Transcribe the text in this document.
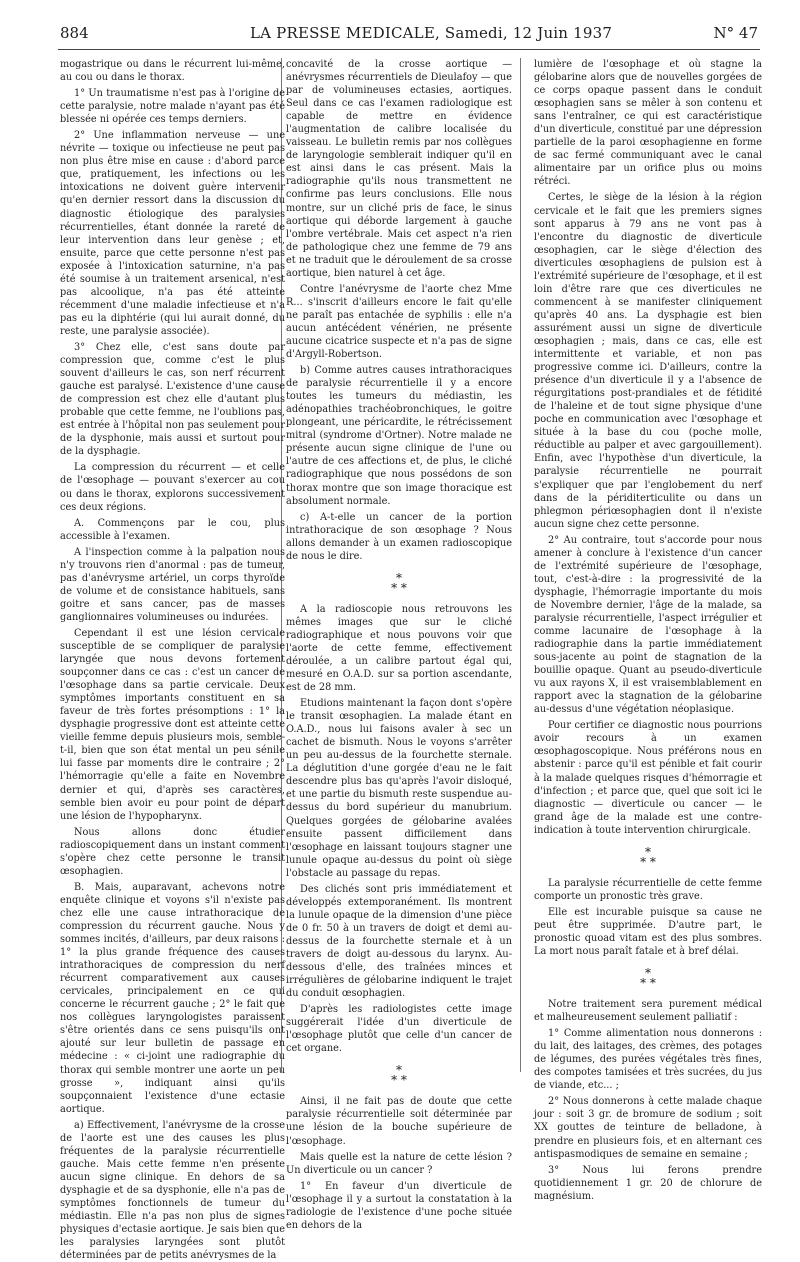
884	LA PRESSE MEDICALE, Samedi, 12 Juin 1937	N° 47

mogastrique ou dans le récurrent lui-même, au cou ou dans le thorax.

1° Un traumatisme n'est pas à l'origine de cette paralysie, notre malade n'ayant pas été blessée ni opérée ces temps derniers.

2° Une inflammation nerveuse — une névrite — toxique ou infectieuse ne peut pas non plus être mise en cause : d'abord parce que, pratiquement, les infections ou les intoxications ne doivent guère intervenir qu'en dernier ressort dans la discussion du diagnostic étiologique des paralysies récurrentielles, étant donnée la rareté de leur intervention dans leur genèse ; et, ensuite, parce que cette personne n'est pas exposée à l'intoxication saturnine, n'a pas été soumise à un traitement arsenical, n'est pas alcoolique, n'a pas été atteinte récemment d'une maladie infectieuse et n'a pas eu la diphtérie (qui lui aurait donné, du reste, une paralysie associée).

3° Chez elle, c'est sans doute par compression que, comme c'est le plus souvent d'ailleurs le cas, son nerf récurrent gauche est paralysé. L'existence d'une cause de compression est chez elle d'autant plus probable que cette femme, ne l'oublions pas, est entrée à l'hôpital non pas seulement pour de la dysphonie, mais aussi et surtout pour de la dysphagie.

La compression du récurrent — et celle de l'œsophage — pouvant s'exercer au cou ou dans le thorax, explorons successivement ces deux régions.

A. Commençons par le cou, plus accessible à l'examen.

A l'inspection comme à la palpation nous n'y trouvons rien d'anormal : pas de tumeur, pas d'anévrysme artériel, un corps thyroïde de volume et de consistance habituels, sans goitre et sans cancer, pas de masses ganglionnaires volumineuses ou indurées.

Cependant il est une lésion cervicale susceptible de se compliquer de paralysie laryngée que nous devons fortement soupçonner dans ce cas : c'est un cancer de l'œsophage dans sa partie cervicale. Deux symptômes importants constituent en sa faveur de très fortes présomptions : 1° la dysphagie progressive dont est atteinte cette vieille femme depuis plusieurs mois, semble-t-il, bien que son état mental un peu sénile lui fasse par moments dire le contraire ; 2° l'hémorragie qu'elle a faite en Novembre dernier et qui, d'après ses caractères, semble bien avoir eu pour point de départ une lésion de l'hypopharynx.

Nous allons donc étudier radioscopiquement dans un instant comment s'opère chez cette personne le transit œsophagien.

B. Mais, auparavant, achevons notre enquête clinique et voyons s'il n'existe pas chez elle une cause intrathoracique de compression du récurrent gauche. Nous y sommes incités, d'ailleurs, par deux raisons : 1° la plus grande fréquence des causes intrathoraciques de compression du nerf récurrent comparativement aux causes cervicales, principalement en ce qui concerne le récurrent gauche ; 2° le fait que nos collègues laryngologistes paraissent s'être orientés dans ce sens puisqu'ils ont ajouté sur leur bulletin de passage en médecine : « ci-joint une radiographie du thorax qui semble montrer une aorte un peu grosse », indiquant ainsi qu'ils soupçonnaient l'existence d'une ectasie aortique.

a) Effectivement, l'anévrysme de la crosse de l'aorte est une des causes les plus fréquentes de la paralysie récurrentielle gauche. Mais cette femme n'en présente aucun signe clinique. En dehors de sa dysphagie et de sa dysphonie, elle n'a pas de symptômes fonctionnels de tumeur du médiastin. Elle n'a pas non plus de signes physiques d'ectasie aortique. Je sais bien que les paralysies laryngées sont plutôt déterminées par de petits anévrysmes de la

concavité de la crosse aortique — anévrysmes récurrentiels de Dieulafoy — que par de volumineuses ectasies, aortiques. Seul dans ce cas l'examen radiologique est capable de mettre en évidence l'augmentation de calibre localisée du vaisseau. Le bulletin remis par nos collègues de laryngologie semblerait indiquer qu'il en est ainsi dans le cas présent. Mais la radiographie qu'ils nous transmettent ne confirme pas leurs conclusions. Elle nous montre, sur un cliché pris de face, le sinus aortique qui déborde largement à gauche l'ombre vertébrale. Mais cet aspect n'a rien de pathologique chez une femme de 79 ans et ne traduit que le déroulement de sa crosse aortique, bien naturel à cet âge.

Contre l'anévrysme de l'aorte chez Mme R... s'inscrit d'ailleurs encore le fait qu'elle ne paraît pas entachée de syphilis : elle n'a aucun antécédent vénérien, ne présente aucune cicatrice suspecte et n'a pas de signe d'Argyll-Robertson.

b) Comme autres causes intrathoraciques de paralysie récurrentielle il y a encore toutes les tumeurs du médiastin, les adénopathies trachéobronchiques, le goitre plongeant, une péricardite, le rétrécissement mitral (syndrome d'Ortner). Notre malade ne présente aucun signe clinique de l'une ou l'autre de ces affections et, de plus, le cliché radiographique que nous possédons de son thorax montre que son image thoracique est absolument normale.

c) A-t-elle un cancer de la portion intrathoracique de son œsophage ? Nous allons demander à un examen radioscopique de nous le dire.

*
* *

A la radioscopie nous retrouvons les mêmes images que sur le cliché radiographique et nous pouvons voir que l'aorte de cette femme, effectivement déroulée, a un calibre partout égal qui, mesuré en O.A.D. sur sa portion ascendante, est de 28 mm.

Etudions maintenant la façon dont s'opère le transit œsophagien. La malade étant en O.A.D., nous lui faisons avaler à sec un cachet de bismuth. Nous le voyons s'arrêter un peu au-dessus de la fourchette sternale. La déglutition d'une gorgée d'eau ne le fait descendre plus bas qu'après l'avoir disloqué, et une partie du bismuth reste suspendue au-dessus du bord supérieur du manubrium. Quelques gorgées de gélobarine avalées ensuite passent difficilement dans l'œsophage en laissant toujours stagner une lunule opaque au-dessus du point où siège l'obstacle au passage du repas.

Des clichés sont pris immédiatement et développés extemporanément. Ils montrent la lunule opaque de la dimension d'une pièce de 0 fr. 50 à un travers de doigt et demi au-dessus de la fourchette sternale et à un travers de doigt au-dessous du larynx. Au-dessous d'elle, des traînées minces et irrégulières de gélobarine indiquent le trajet du conduit œsophagien.

D'après les radiologistes cette image suggérerait l'idée d'un diverticule de l'œsophage plutôt que celle d'un cancer de cet organe.

*
* *

Ainsi, il ne fait pas de doute que cette paralysie récurrentielle soit déterminée par une lésion de la bouche supérieure de l'œsophage.

Mais quelle est la nature de cette lésion ? Un diverticule ou un cancer ?

1° En faveur d'un diverticule de l'œsophage il y a surtout la constatation à la radiologie de l'existence d'une poche située en dehors de la

lumière de l'œsophage et où stagne la gélobarine alors que de nouvelles gorgées de ce corps opaque passent dans le conduit œsophagien sans se mêler à son contenu et sans l'entraîner, ce qui est caractéristique d'un diverticule, constitué par une dépression partielle de la paroi œsophagienne en forme de sac fermé communiquant avec le canal alimentaire par un orifice plus ou moins rétréci.

Certes, le siège de la lésion à la région cervicale et le fait que les premiers signes sont apparus à 79 ans ne vont pas à l'encontre du diagnostic de diverticule œsophagien, car le siège d'élection des diverticules œsophagiens de pulsion est à l'extrémité supérieure de l'œsophage, et il est loin d'être rare que ces diverticules ne commencent à se manifester cliniquement qu'après 40 ans. La dysphagie est bien assurément aussi un signe de diverticule œsophagien ; mais, dans ce cas, elle est intermittente et variable, et non pas progressive comme ici. D'ailleurs, contre la présence d'un diverticule il y a l'absence de régurgitations post-prandiales et de fétidité de l'haleine et de tout signe physique d'une poche en communication avec l'œsophage et située à la base du cou (poche molle, réductible au palper et avec gargouillement). Enfin, avec l'hypothèse d'un diverticule, la paralysie récurrentielle ne pourrait s'expliquer que par l'englobement du nerf dans de la périditerticulite ou dans un phlegmon périœsophagien dont il n'existe aucun signe chez cette personne.

2° Au contraire, tout s'accorde pour nous amener à conclure à l'existence d'un cancer de l'extrémité supérieure de l'œsophage, tout, c'est-à-dire : la progressivité de la dysphagie, l'hémorragie importante du mois de Novembre dernier, l'âge de la malade, sa paralysie récurrentielle, l'aspect irrégulier et comme lacunaire de l'œsophage à la radiographie dans la partie immédiatement sous-jacente au point de stagnation de la bouillie opaque. Quant au pseudo-diverticule vu aux rayons X, il est vraisemblablement en rapport avec la stagnation de la gélobarine au-dessus d'une végétation néoplasique.

Pour certifier ce diagnostic nous pourrions avoir recours à un examen œsophagoscopique. Nous préférons nous en abstenir : parce qu'il est pénible et fait courir à la malade quelques risques d'hémorragie et d'infection ; et parce que, quel que soit ici le diagnostic — diverticule ou cancer — le grand âge de la malade est une contre-indication à toute intervention chirurgicale.

*
* *

La paralysie récurrentielle de cette femme comporte un pronostic très grave.

Elle est incurable puisque sa cause ne peut être supprimée. D'autre part, le pronostic quoad vitam est des plus sombres. La mort nous paraît fatale et à bref délai.

*
* *

Notre traitement sera purement médical et malheureusement seulement palliatif :

1° Comme alimentation nous donnerons : du lait, des laitages, des crèmes, des potages de légumes, des purées végétales très fines, des compotes tamisées et très sucrées, du jus de viande, etc... ;

2° Nous donnerons à cette malade chaque jour : soit 3 gr. de bromure de sodium ; soit XX gouttes de teinture de belladone, à prendre en plusieurs fois, et en alternant ces antispasmodiques de semaine en semaine ;

3° Nous lui ferons prendre quotidiennement 1 gr. 20 de chlorure de magnésium.
